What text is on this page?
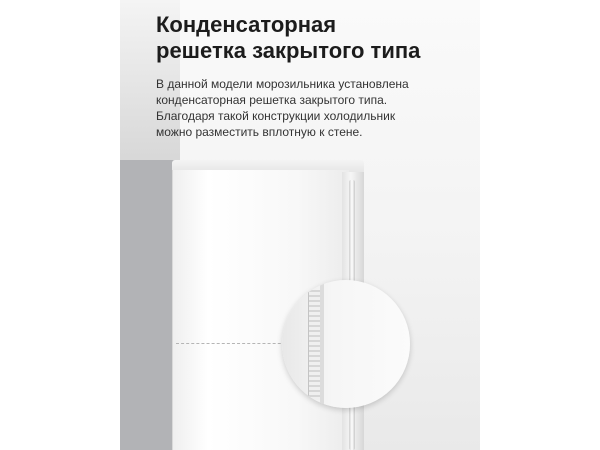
Конденсаторная
решетка закрытого типа

В данной модели морозильника установлена конденсаторная решетка закрытого типа. Благодаря такой конструкции холодильник можно разместить вплотную к стене.
